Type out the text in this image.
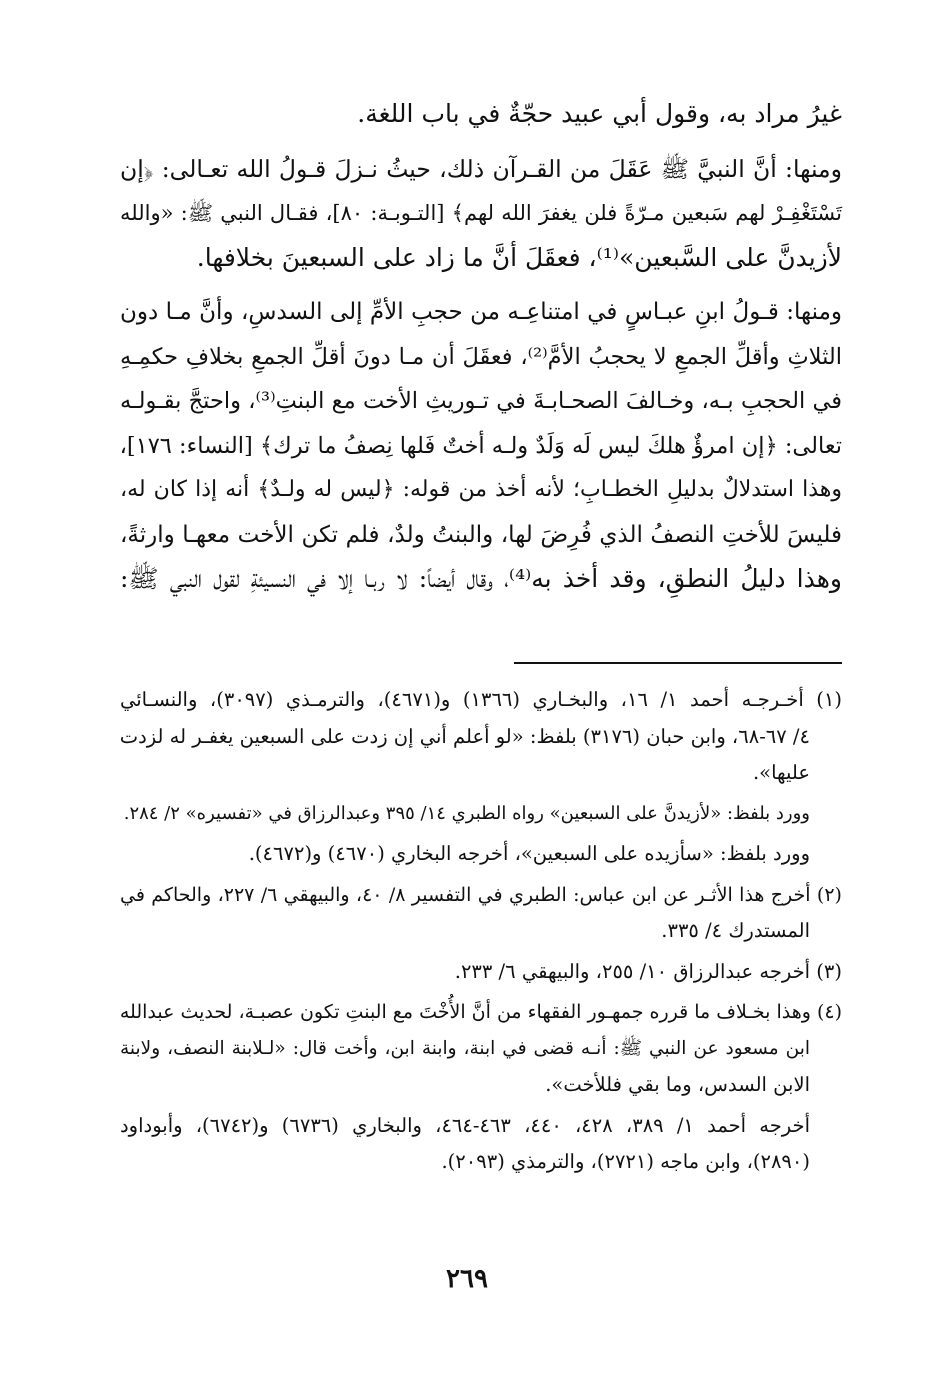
غيرُ مراد به، وقول أبي عبيد حجّةٌ في باب اللغة.
ومنها: أنَّ النبيَّ ﷺ عَقَلَ من القـرآن ذلك، حيثُ نـزلَ قـولُ الله تعـالى: ﴿إن
تَسْتَغْفِـرْ لهم سَبعين مـرّةً فلن يغفرَ الله لهم﴾ [التـوبـة: ٨٠]، فقـال النبي ﷺ: «والله
لأزيدنَّ على السَّبعين»⁽¹⁾، فعقَلَ أنَّ ما زاد على السبعينَ بخلافها.
ومنها: قـولُ ابنِ عبـاسٍ في امتناعِـه من حجبِ الأمِّ إلى السدسِ، وأنَّ مـا دون
الثلاثِ وأقلِّ الجمعِ لا يحجبُ الأمَّ⁽²⁾، فعقَلَ أن مـا دونَ أقلِّ الجمعِ بخلافِ حكمِـهِ
في الحجبِ بـه، وخـالفَ الصحـابـةَ في تـوريثِ الأخت مع البنتِ⁽³⁾، واحتجَّ بقـولـه
تعالى: ﴿إن امرؤٌ هلكَ ليس لَه وَلَدٌ ولـه أختٌ فَلها نِصفُ ما ترك﴾ [النساء: ١٧٦]،
وهذا استدلالٌ بدليلِ الخطـابِ؛ لأنه أخذ من قوله: ﴿ليس له ولـدٌ﴾ أنه إذا كان له،
فليسَ للأختِ النصفُ الذي فُرِضَ لها، والبنتُ ولدٌ، فلم تكن الأخت معهـا وارثةً،
وهذا دليلُ النطقِ، وقد أخذ به⁽⁴⁾، وقال أيضاً: لا ربـا إلا في النسيئةِ لقول النبي ﷺ:
(١) أخـرجـه أحمد ١/ ١٦، والبخـاري (١٣٦٦) و(٤٦٧١)، والترمـذي (٣٠٩٧)، والنسـائي
٤/ ٦٧-٦٨، وابن حبان (٣١٧٦) بلفظ: «لو أعلم أني إن زدت على السبعين يغفـر له لزدت
عليها».
وورد بلفظ: «لأزيدنَّ على السبعين» رواه الطبري ١٤/ ٣٩٥ وعبدالرزاق في «تفسيره» ٢/ ٢٨٤.
وورد بلفظ: «سأزيده على السبعين»، أخرجه البخاري (٤٦٧٠) و(٤٦٧٢).
(٢) أخرج هذا الأثـر عن ابن عباس: الطبري في التفسير ٨/ ٤٠، والبيهقي ٦/ ٢٢٧، والحاكم في
المستدرك ٤/ ٣٣٥.
(٣) أخرجه عبدالرزاق ١٠/ ٢٥٥، والبيهقي ٦/ ٢٣٣.
(٤) وهذا بخـلاف ما قرره جمهـور الفقهاء من أنَّ الأُخْتَ مع البنتِ تكون عصبـة، لحديث عبدالله
ابن مسعود عن النبي ﷺ: أنـه قضى في ابنة، وابنة ابن، وأخت قال: «لـلابنة النصف، ولابنة
الابن السدس، وما بقي فللأخت».
أخرجه أحمد ١/ ٣٨٩، ٤٢٨، ٤٤٠، ٤٦٣-٤٦٤، والبخاري (٦٧٣٦) و(٦٧٤٢)، وأبوداود
(٢٨٩٠)، وابن ماجه (٢٧٢١)، والترمذي (٢٠٩٣).
٢٦٩
